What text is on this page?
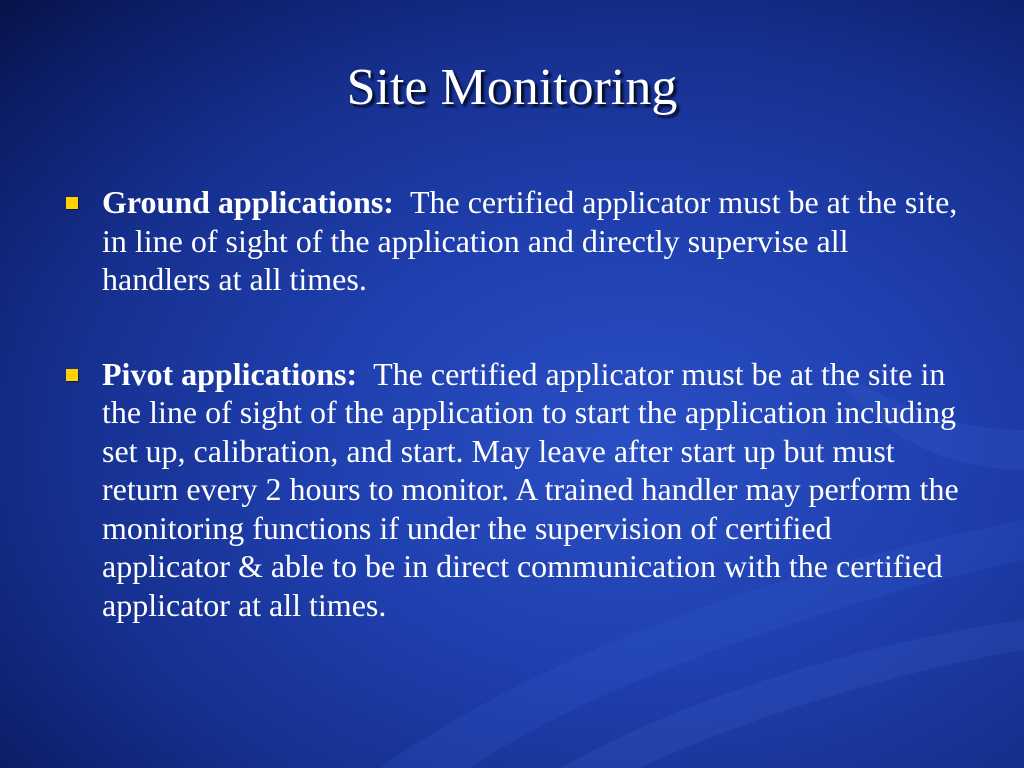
Site Monitoring
Ground applications: The certified applicator must be at the site, in line of sight of the application and directly supervise all handlers at all times.
Pivot applications: The certified applicator must be at the site in the line of sight of the application to start the application including set up, calibration, and start. May leave after start up but must return every 2 hours to monitor. A trained handler may perform the monitoring functions if under the supervision of certified applicator & able to be in direct communication with the certified applicator at all times.
